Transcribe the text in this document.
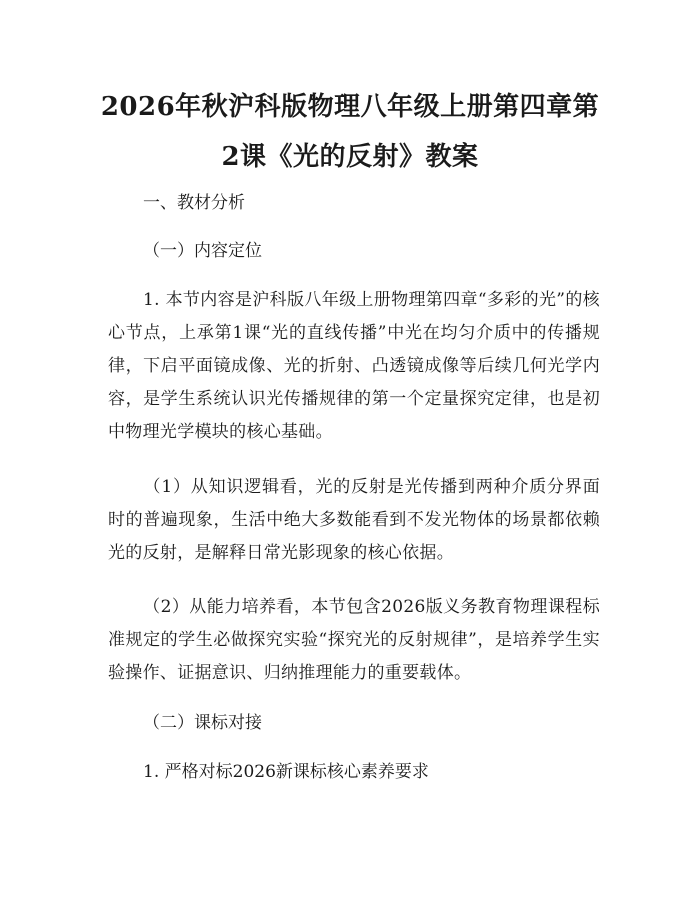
2026年秋沪科版物理八年级上册第四章第2课《光的反射》教案
一、教材分析
（一）内容定位
1. 本节内容是沪科版八年级上册物理第四章“多彩的光”的核心节点，上承第1课“光的直线传播”中光在均匀介质中的传播规律，下启平面镜成像、光的折射、凸透镜成像等后续几何光学内容，是学生系统认识光传播规律的第一个定量探究定律，也是初中物理光学模块的核心基础。
（1）从知识逻辑看，光的反射是光传播到两种介质分界面时的普遍现象，生活中绝大多数能看到不发光物体的场景都依赖光的反射，是解释日常光影现象的核心依据。
（2）从能力培养看，本节包含2026版义务教育物理课程标准规定的学生必做探究实验“探究光的反射规律”，是培养学生实验操作、证据意识、归纳推理能力的重要载体。
（二）课标对接
1. 严格对标2026新课标核心素养要求
